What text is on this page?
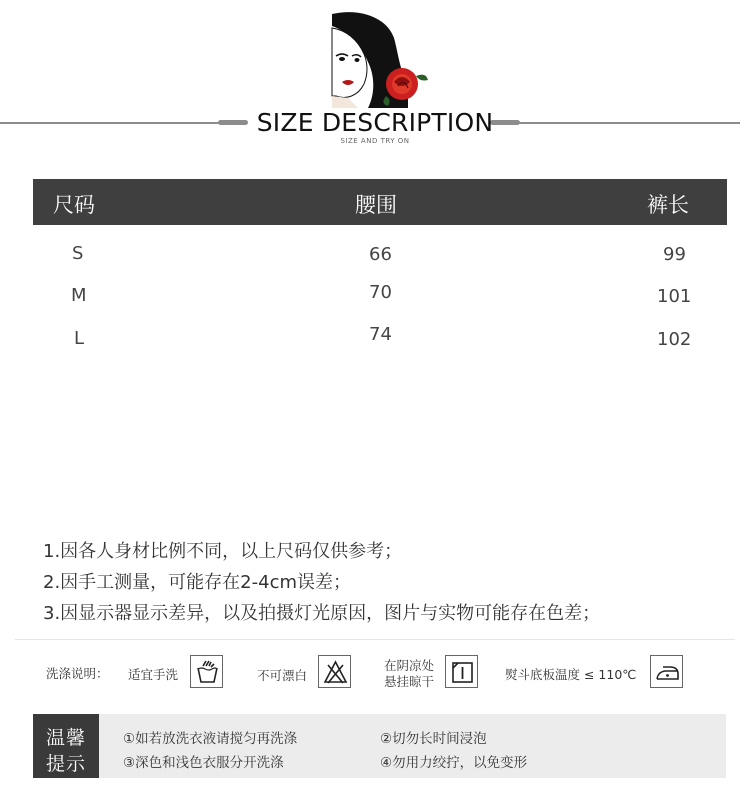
SIZE DESCRIPTION
SIZE AND TRY ON
尺码	腰围	裤长
S	66	99
M	70	101
L	74	102
1.因各人身材比例不同，以上尺码仅供参考；
2.因手工测量，可能存在2-4cm误差；
3.因显示器显示差异，以及拍摄灯光原因，图片与实物可能存在色差；
洗涤说明： 适宜手洗	不可漂白
在阴凉处
悬挂晾干	熨斗底板温度 ≤ 110℃
温馨
提示
①如若放洗衣液请搅匀再洗涤	②切勿长时间浸泡
③深色和浅色衣服分开洗涤	④勿用力绞拧，以免变形
